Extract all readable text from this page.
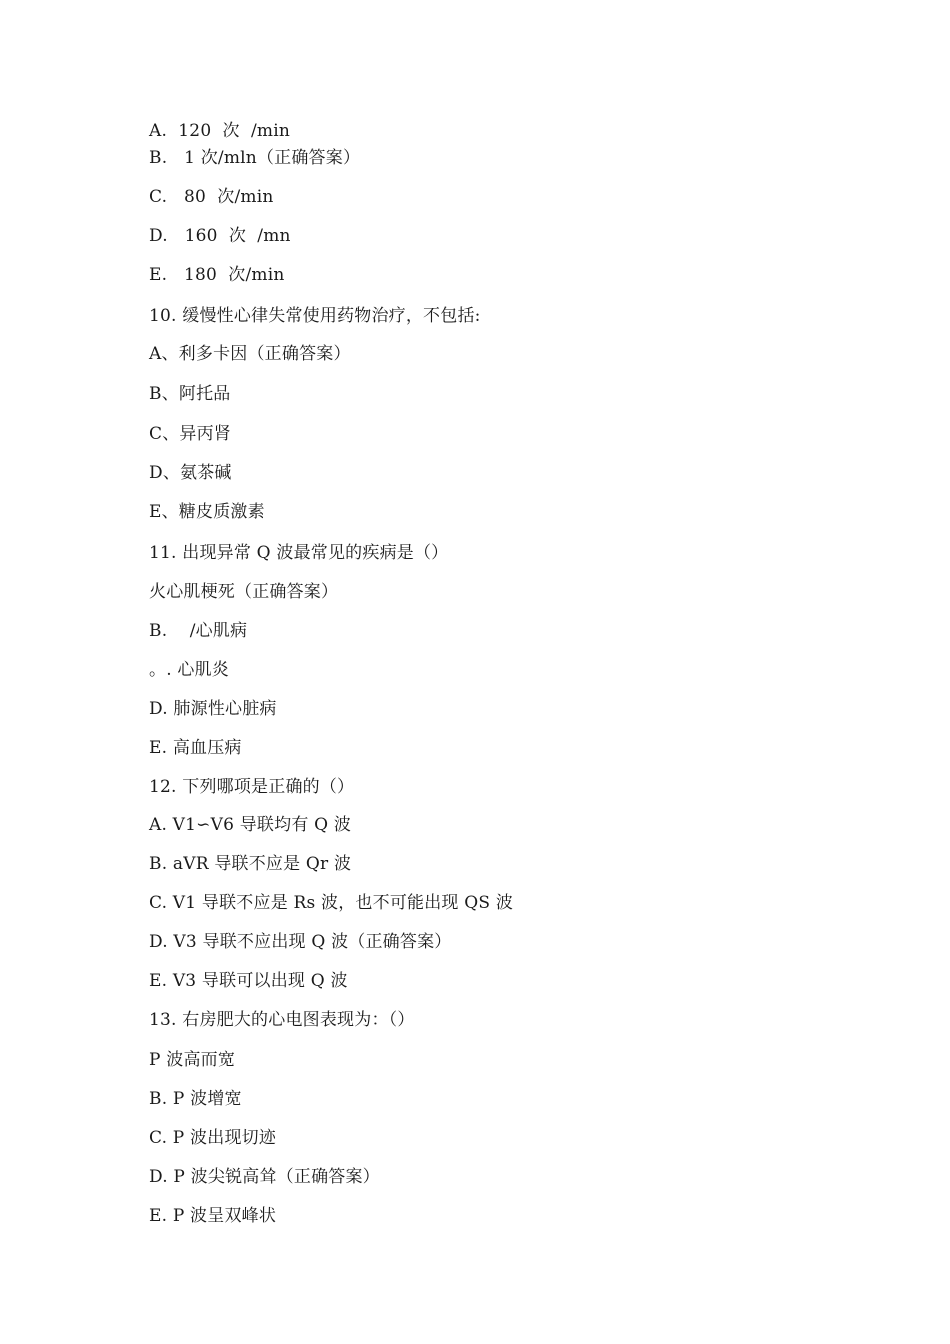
A.  120  次  /min
B.   1 次/mln（正确答案）
C.   80  次/min
D.   160  次  /mn
E.   180  次/min
10. 缓慢性心律失常使用药物治疗，不包括:
A、利多卡因（正确答案）
B、阿托品
C、异丙肾
D、氨茶碱
E、糖皮质激素
11. 出现异常 Q 波最常见的疾病是（）
火心肌梗死（正确答案）
B.    /心肌病
。. 心肌炎
D. 肺源性心脏病
E. 高血压病
12. 下列哪项是正确的（）
A. V1∽V6 导联均有 Q 波
B. aVR 导联不应是 Qr 波
C. V1 导联不应是 Rs 波，也不可能出现 QS 波
D. V3 导联不应出现 Q 波（正确答案）
E. V3 导联可以出现 Q 波
13. 右房肥大的心电图表现为：（）
P 波高而宽
B. P 波增宽
C. P 波出现切迹
D. P 波尖锐高耸（正确答案）
E. P 波呈双峰状
